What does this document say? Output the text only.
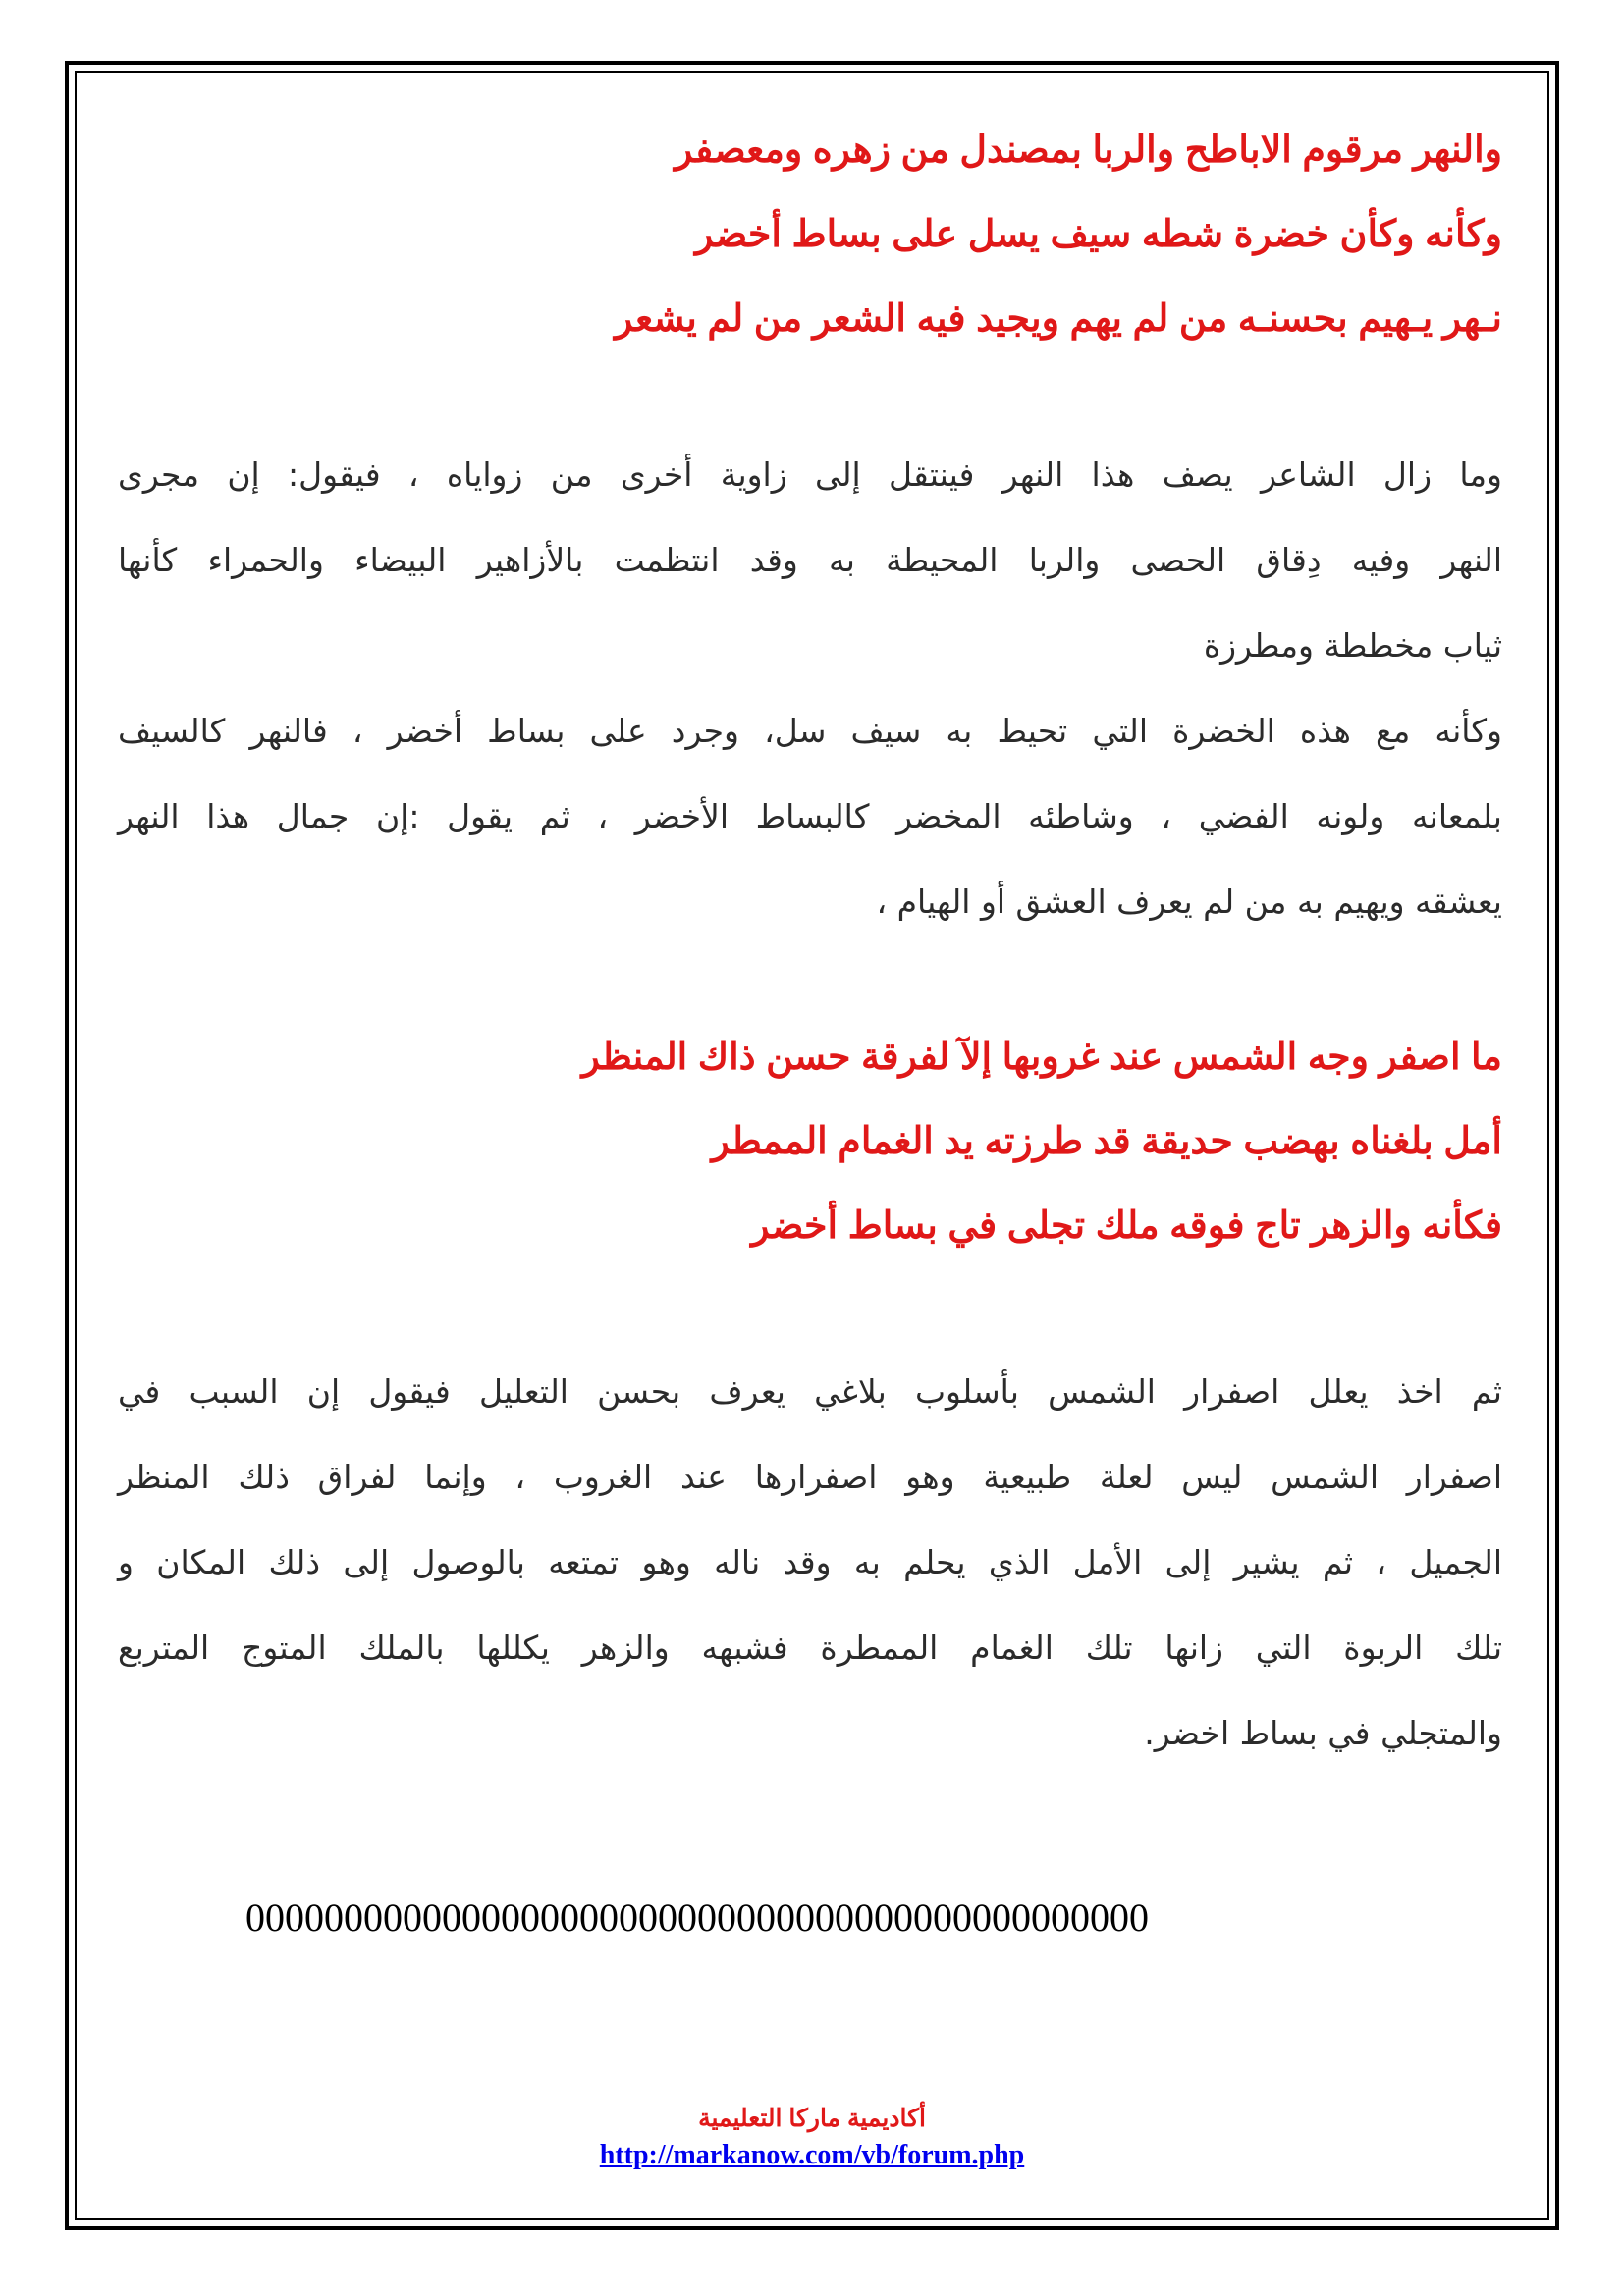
والنهر مرقوم الاباطح والربا بمصندل من زهره ومعصفر
وكأنه وكأن خضرة شطه سيف يسل على بساط أخضر
نـهر يـهيم بحسنـه من لم يهم ويجيد فيه الشعر من لم يشعر
وما زال الشاعر يصف هذا النهر فينتقل إلى زاوية أخرى من زواياه ، فيقول: إن مجرى
النهر وفيه دِقاق الحصى والربا المحيطة به وقد انتظمت بالأزاهير البيضاء والحمراء كأنها
ثياب مخططة ومطرزة
وكأنه مع هذه الخضرة التي تحيط به سيف سل، وجرد على بساط أخضر ، فالنهر كالسيف
بلمعانه ولونه الفضي ، وشاطئه المخضر كالبساط الأخضر ، ثم يقول :إن جمال هذا النهر
يعشقه ويهيم به من لم يعرف العشق أو الهيام ،
ما اصفر وجه الشمس عند غروبها إلآ لفرقة حسن ذاك المنظر
أمل بلغناه بهضب حديقة قد طرزته يد الغمام الممطر
فكأنه والزهر تاج فوقه ملك تجلى في بساط أخضر
ثم اخذ يعلل اصفرار الشمس بأسلوب بلاغي يعرف بحسن التعليل فيقول إن السبب في
اصفرار الشمس ليس لعلة طبيعية وهو اصفرارها عند الغروب ، وإنما لفراق ذلك المنظر
الجميل ، ثم يشير إلى الأمل الذي يحلم به وقد ناله وهو تمتعه بالوصول إلى ذلك المكان و
تلك الربوة التي زانها تلك الغمام الممطرة فشبهه والزهر يكللها بالملك المتوج المتربع
والمتجلي في بساط اخضر.
0000000000000000000000000000000000000000000000
أكاديمية ماركا التعليمية
http://markanow.com/vb/forum.php
